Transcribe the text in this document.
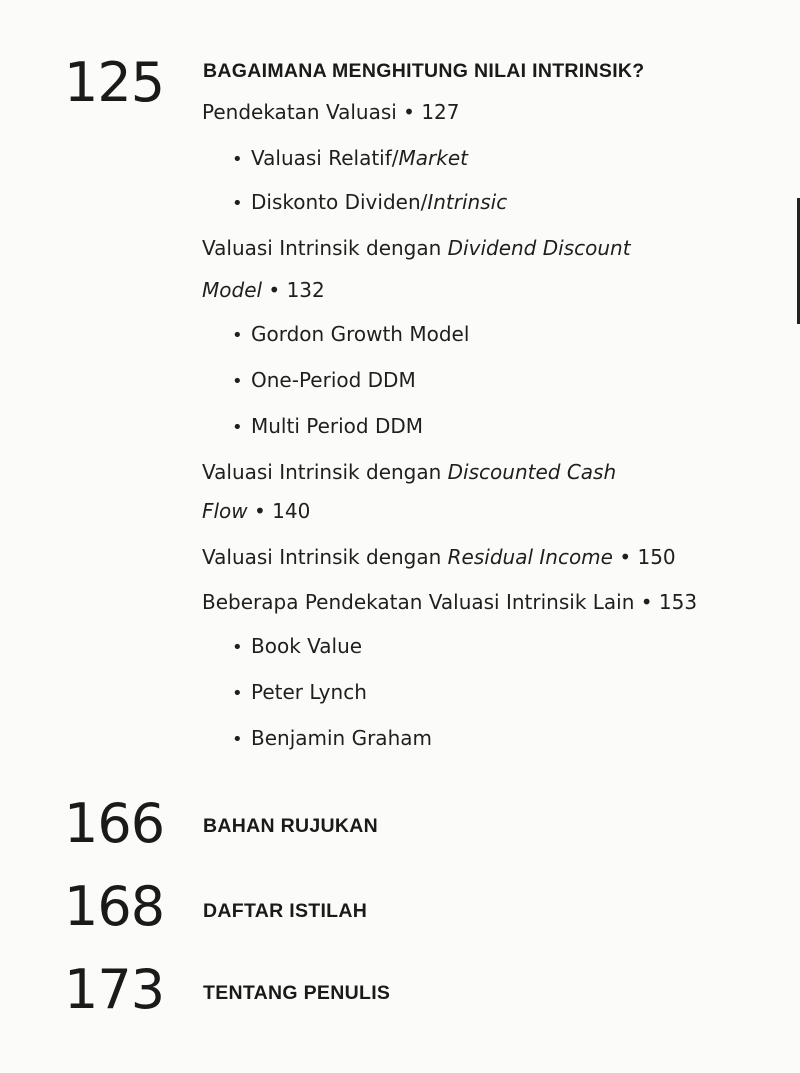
125 BAGAIMANA MENGHITUNG NILAI INTRINSIK?
Pendekatan Valuasi • 127
• Valuasi Relatif/Market
• Diskonto Dividen/Intrinsic
Valuasi Intrinsik dengan Dividend Discount
Model • 132
• Gordon Growth Model
• One-Period DDM
• Multi Period DDM
Valuasi Intrinsik dengan Discounted Cash
Flow • 140
Valuasi Intrinsik dengan Residual Income • 150
Beberapa Pendekatan Valuasi Intrinsik Lain • 153
• Book Value
• Peter Lynch
• Benjamin Graham
166 BAHAN RUJUKAN
168 DAFTAR ISTILAH
173 TENTANG PENULIS
